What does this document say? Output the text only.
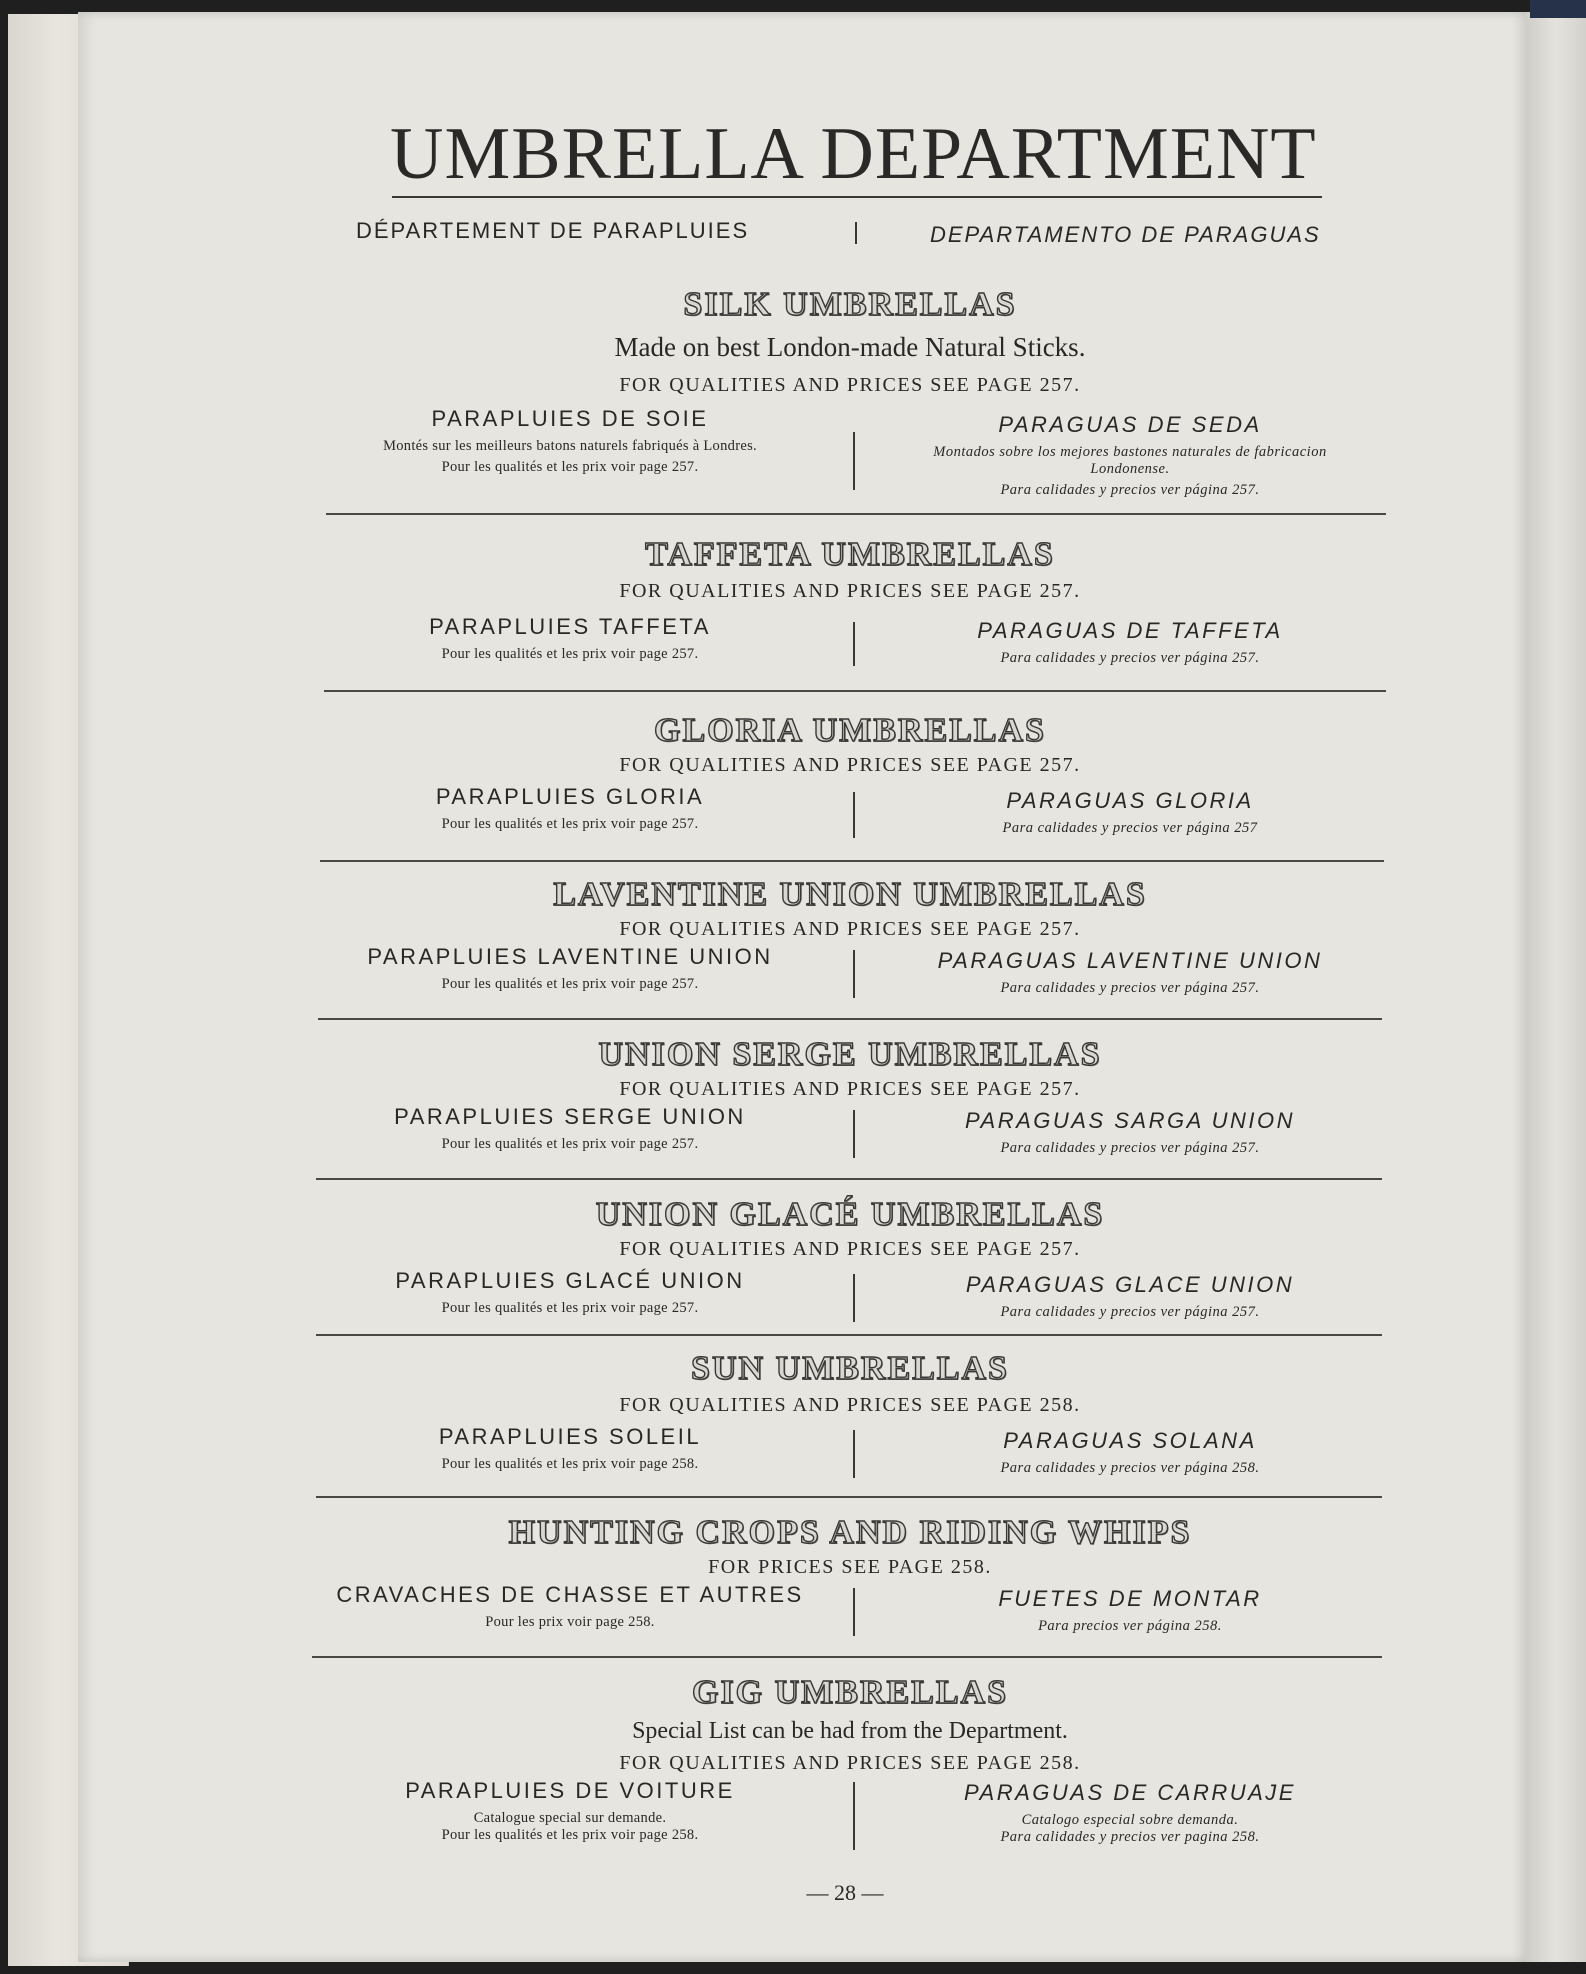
UMBRELLA DEPARTMENT
DÉPARTEMENT DE PARAPLUIES	DEPARTAMENTO DE PARAGUAS
SILK UMBRELLAS
Made on best London-made Natural Sticks.
FOR QUALITIES AND PRICES SEE PAGE 257.
PARAPLUIES DE SOIE
Montés sur les meilleurs batons naturels fabriqués à Londres.
Pour les qualités et les prix voir page 257.
PARAGUAS DE SEDA
Montados sobre los mejores bastones naturales de fabricacion Londonense.
Para calidades y precios ver página 257.
TAFFETA UMBRELLAS
FOR QUALITIES AND PRICES SEE PAGE 257.
PARAPLUIES TAFFETA
Pour les qualités et les prix voir page 257.
PARAGUAS DE TAFFETA
Para calidades y precios ver página 257.
GLORIA UMBRELLAS
FOR QUALITIES AND PRICES SEE PAGE 257.
PARAPLUIES GLORIA
Pour les qualités et les prix voir page 257.
PARAGUAS GLORIA
Para calidades y precios ver página 257
LAVENTINE UNION UMBRELLAS
FOR QUALITIES AND PRICES SEE PAGE 257.
PARAPLUIES LAVENTINE UNION
Pour les qualités et les prix voir page 257.
PARAGUAS LAVENTINE UNION
Para calidades y precios ver página 257.
UNION SERGE UMBRELLAS
FOR QUALITIES AND PRICES SEE PAGE 257.
PARAPLUIES SERGE UNION
Pour les qualités et les prix voir page 257.
PARAGUAS SARGA UNION
Para calidades y precios ver página 257.
UNION GLACÉ UMBRELLAS
FOR QUALITIES AND PRICES SEE PAGE 257.
PARAPLUIES GLACÉ UNION
Pour les qualités et les prix voir page 257.
PARAGUAS GLACE UNION
Para calidades y precios ver página 257.
SUN UMBRELLAS
FOR QUALITIES AND PRICES SEE PAGE 258.
PARAPLUIES SOLEIL
Pour les qualités et les prix voir page 258.
PARAGUAS SOLANA
Para calidades y precios ver página 258.
HUNTING CROPS AND RIDING WHIPS
FOR PRICES SEE PAGE 258.
CRAVACHES DE CHASSE ET AUTRES
Pour les prix voir page 258.
FUETES DE MONTAR
Para precios ver página 258.
GIG UMBRELLAS
Special List can be had from the Department.
FOR QUALITIES AND PRICES SEE PAGE 258.
PARAPLUIES DE VOITURE
Catalogue special sur demande.
Pour les qualités et les prix voir page 258.
PARAGUAS DE CARRUAJE
Catalogo especial sobre demanda.
Para calidades y precios ver pagina 258.
— 28 —
